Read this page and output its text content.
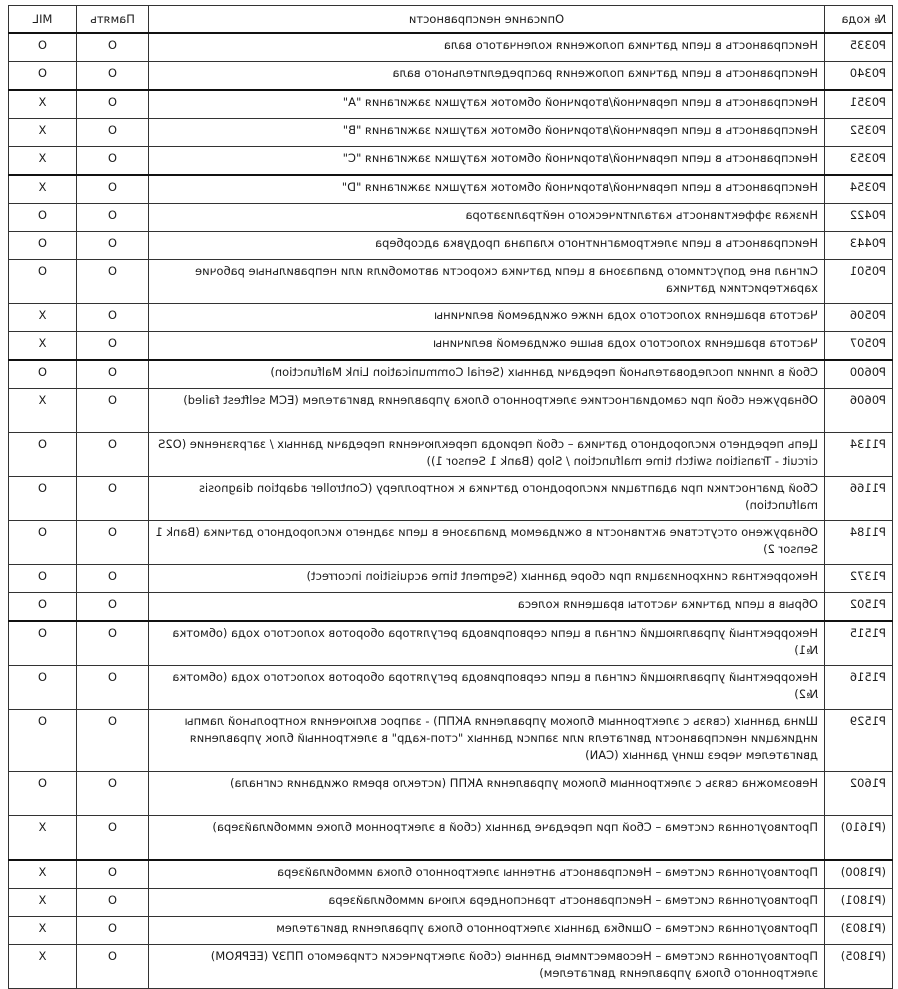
№ кода	Описание неисправности	Память	MIL
P0335	Неисправность в цепи датчика положения коленчатого вала	O	O
P0340	Неисправность в цепи датчика положения распределительного вала	O	O
P0351	Неисправность в цепи первичной/вторичной обмоток катушки зажигания "A"	O	X
P0352	Неисправность в цепи первичной/вторичной обмоток катушки зажигания "B"	O	X
P0353	Неисправность в цепи первичной/вторичной обмоток катушки зажигания "C"	O	X
P0354	Неисправность в цепи первичной/вторичной обмоток катушки зажигания "D"	O	X
P0422	Низкая эффективность каталитического нейтрализатора	O	O
P0443	Неисправность в цепи электромагнитного клапана продувка адсорбера	O	O
P0501	Сигнал вне допустимого диапазона в цепи датчика скорости автомобиля или неправильные рабочие характеристики датчика	O	O
P0506	Частота вращения холостого хода ниже ожидаемой величины	O	X
P0507	Частота вращения холостого хода выше ожидаемой величины	O	X
P0600	Сбой в линии последовательной передачи данных (Serial Communication Link Malfunction)	O	O
P0606	Обнаружен сбой при самодиагностике электронного блока управления двигателем (ECM selftest failed)	O	X
P1134	Цепь переднего кислородного датчика – сбой периода переключения передачи данных / загрязнение (O2S circuit - Transition switch time malfunction / Slop (Bank 1 Sensor 1))	O	O
P1166	Сбой диагностики при адаптации кислородного датчика к контроллеру (Controller adaption diagnosis malfunction)	O	O
P1184	Обнаружено отсутствие активности в ожидаемом диапазоне в цепи заднего кислородного датчика (Bank 1 Sensor 2)	O	O
P1372	Некорректная синхронизация при сборе данных (Segment time acquisition incorrect)	O	O
P1502	Обрыв в цепи датчика частоты вращения колеса	O	O
P1515	Некорректный управляющий сигнал в цепи сервопривода регулятора оборотов холостого хода (обмотка №1)	O	O
P1516	Некорректный управляющий сигнал в цепи сервопривода регулятора оборотов холостого хода (обмотка №2)	O	O
P1529	Шина данных (связь с электронным блоком управления АКПП) - запрос включения контрольной лампы индикации неисправности двигателя или записи данных "стоп-кадр" в электронный блок управления двигателем через шину данных (CAN)	O	O
P1602	Невозможна связь с электронным блоком управления АКПП (истекло время ожидания сигнала)	O	O
(P1610)	Противоугонная система – Сбой при передаче данных (сбой в электронном блоке иммобилайзера)	O	X
(P1800)	Противоугонная система – Неисправность антенны электронного блока иммобилайзера	O	X
(P1801)	Противоугонная система – Неисправность транспондера ключа иммобилайзера	O	X
(P1803)	Противоугонная система – Ошибка данных электронного блока управления двигателем	O	X
(P1805)	Противоугонная система – Несовместимые данные (сбой электрически стираемого ППЗУ (EEPROM) электронного блока управления двигателем)	O	X
